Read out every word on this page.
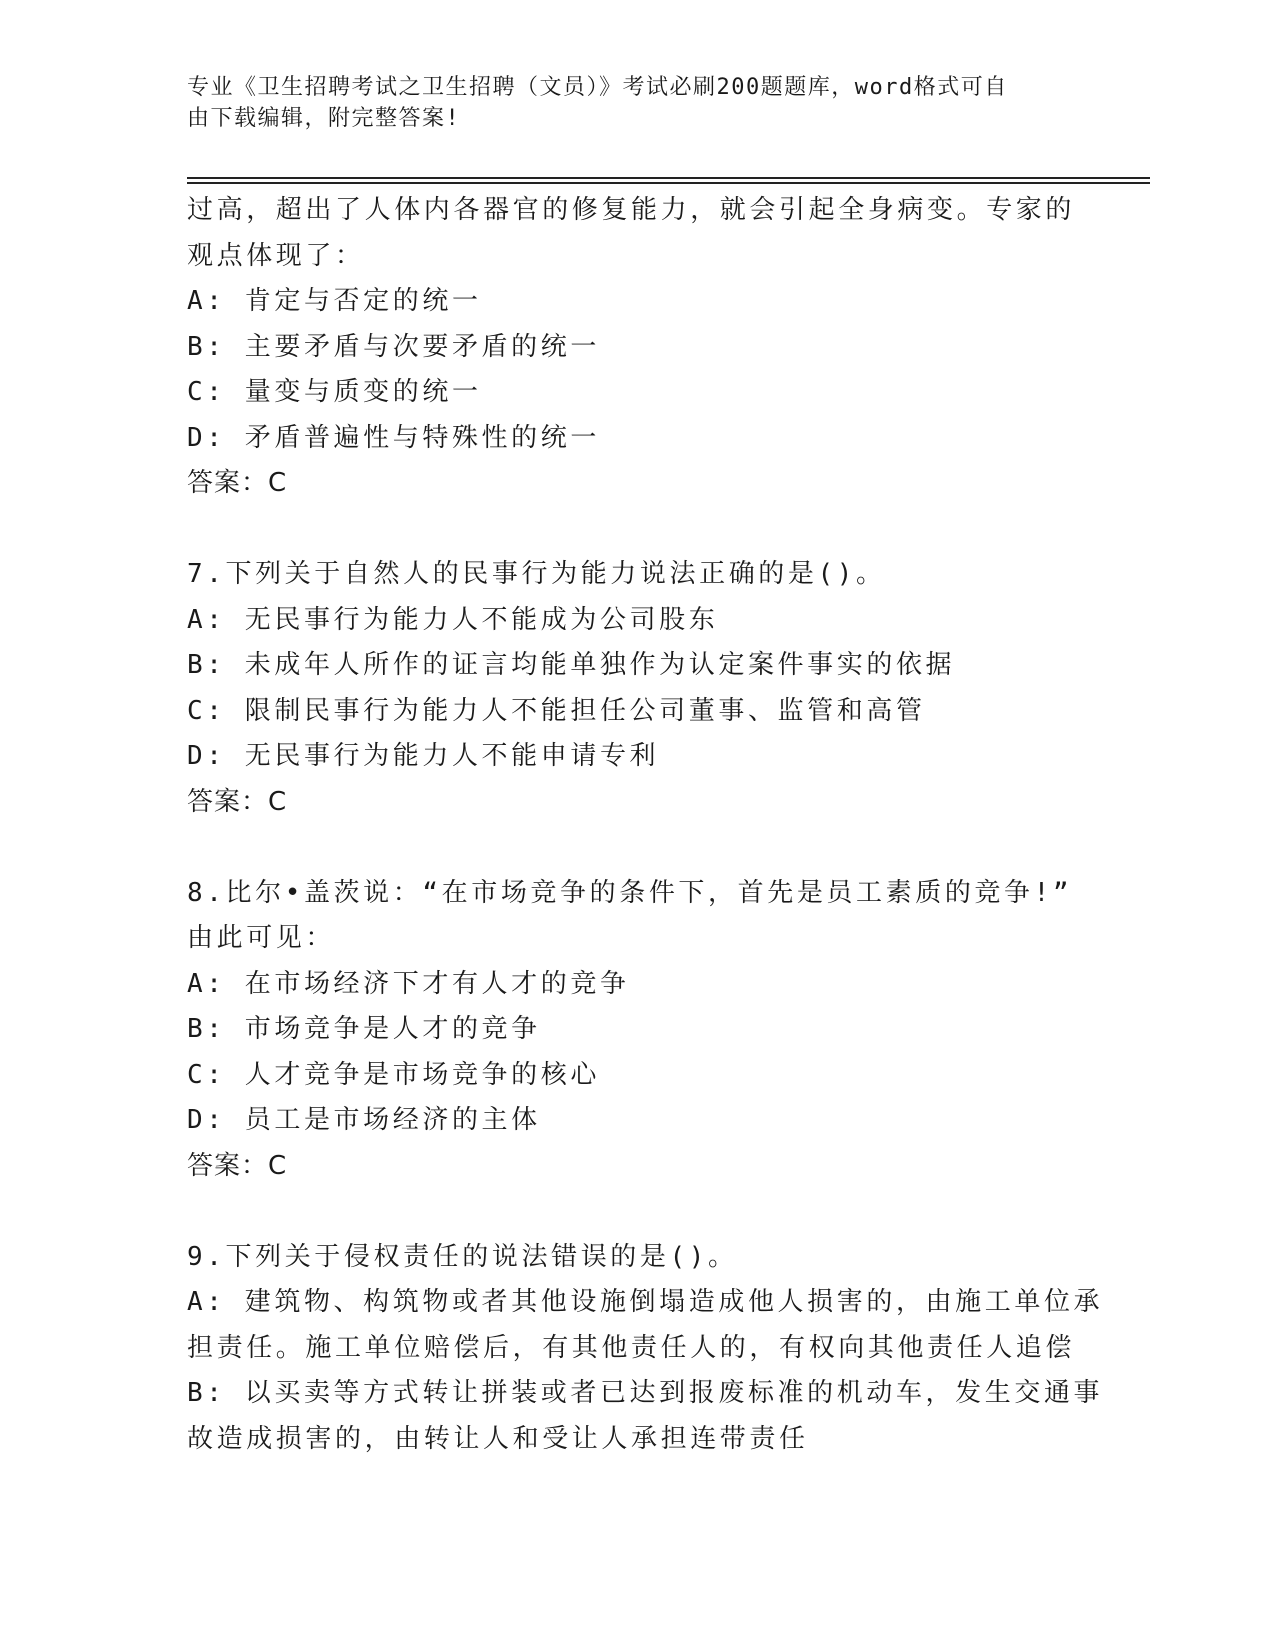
专业《卫生招聘考试之卫生招聘（文员）》考试必刷200题题库，word格式可自
由下载编辑，附完整答案!
过高，超出了人体内各器官的修复能力，就会引起全身病变。专家的
观点体现了：
A: 肯定与否定的统一
B: 主要矛盾与次要矛盾的统一
C: 量变与质变的统一
D: 矛盾普遍性与特殊性的统一
答案：C
7.下列关于自然人的民事行为能力说法正确的是()。
A: 无民事行为能力人不能成为公司股东
B: 未成年人所作的证言均能单独作为认定案件事实的依据
C: 限制民事行为能力人不能担任公司董事、监管和高管
D: 无民事行为能力人不能申请专利
答案：C
8.比尔•盖茨说：“在市场竞争的条件下，首先是员工素质的竞争!”
由此可见：
A: 在市场经济下才有人才的竞争
B: 市场竞争是人才的竞争
C: 人才竞争是市场竞争的核心
D: 员工是市场经济的主体
答案：C
9.下列关于侵权责任的说法错误的是()。
A: 建筑物、构筑物或者其他设施倒塌造成他人损害的，由施工单位承
担责任。施工单位赔偿后，有其他责任人的，有权向其他责任人追偿
B: 以买卖等方式转让拼装或者已达到报废标准的机动车，发生交通事
故造成损害的，由转让人和受让人承担连带责任
